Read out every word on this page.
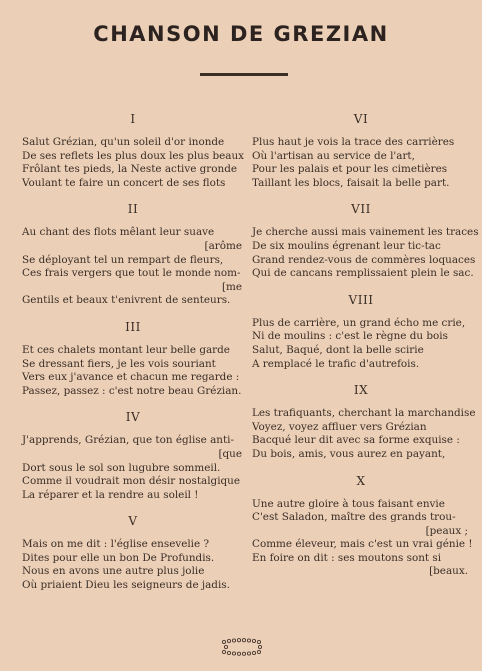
CHANSON DE GREZIAN
I
Salut Grézian, qu'un soleil d'or inonde
De ses reflets les plus doux les plus beaux
Frôlant tes pieds, la Neste active gronde
Voulant te faire un concert de ses flots
II
Au chant des flots mêlant leur suave
[arôme
Se déployant tel un rempart de fleurs,
Ces frais vergers que tout le monde nom-
[me
Gentils et beaux t'enivrent de senteurs.
III
Et ces chalets montant leur belle garde
Se dressant fiers, je les vois souriant
Vers eux j'avance et chacun me regarde :
Passez, passez : c'est notre beau Grézian.
IV
J'apprends, Grézian, que ton église anti-
[que
Dort sous le sol son lugubre sommeil.
Comme il voudrait mon désir nostalgique
La réparer et la rendre au soleil !
V
Mais on me dit : l'église ensevelie ?
Dites pour elle un bon De Profundis.
Nous en avons une autre plus jolie
Où priaient Dieu les seigneurs de jadis.
VI
Plus haut je vois la trace des carrières
Où l'artisan au service de l'art,
Pour les palais et pour les cimetières
Taillant les blocs, faisait la belle part.
VII
Je cherche aussi mais vainement les traces
De six moulins égrenant leur tic-tac
Grand rendez-vous de commères loquaces
Qui de cancans remplissaient plein le sac.
VIII
Plus de carrière, un grand écho me crie,
Ni de moulins : c'est le règne du bois
Salut, Baqué, dont la belle scirie
A remplacé le trafic d'autrefois.
IX
Les trafiquants, cherchant la marchandise
Voyez, voyez affluer vers Grézian
Bacqué leur dit avec sa forme exquise :
Du bois, amis, vous aurez en payant,
X
Une autre gloire à tous faisant envie
C'est Saladon, maître des grands trou-
[peaux ;
Comme éleveur, mais c'est un vrai génie !
En foire on dit : ses moutons sont si
[beaux.
